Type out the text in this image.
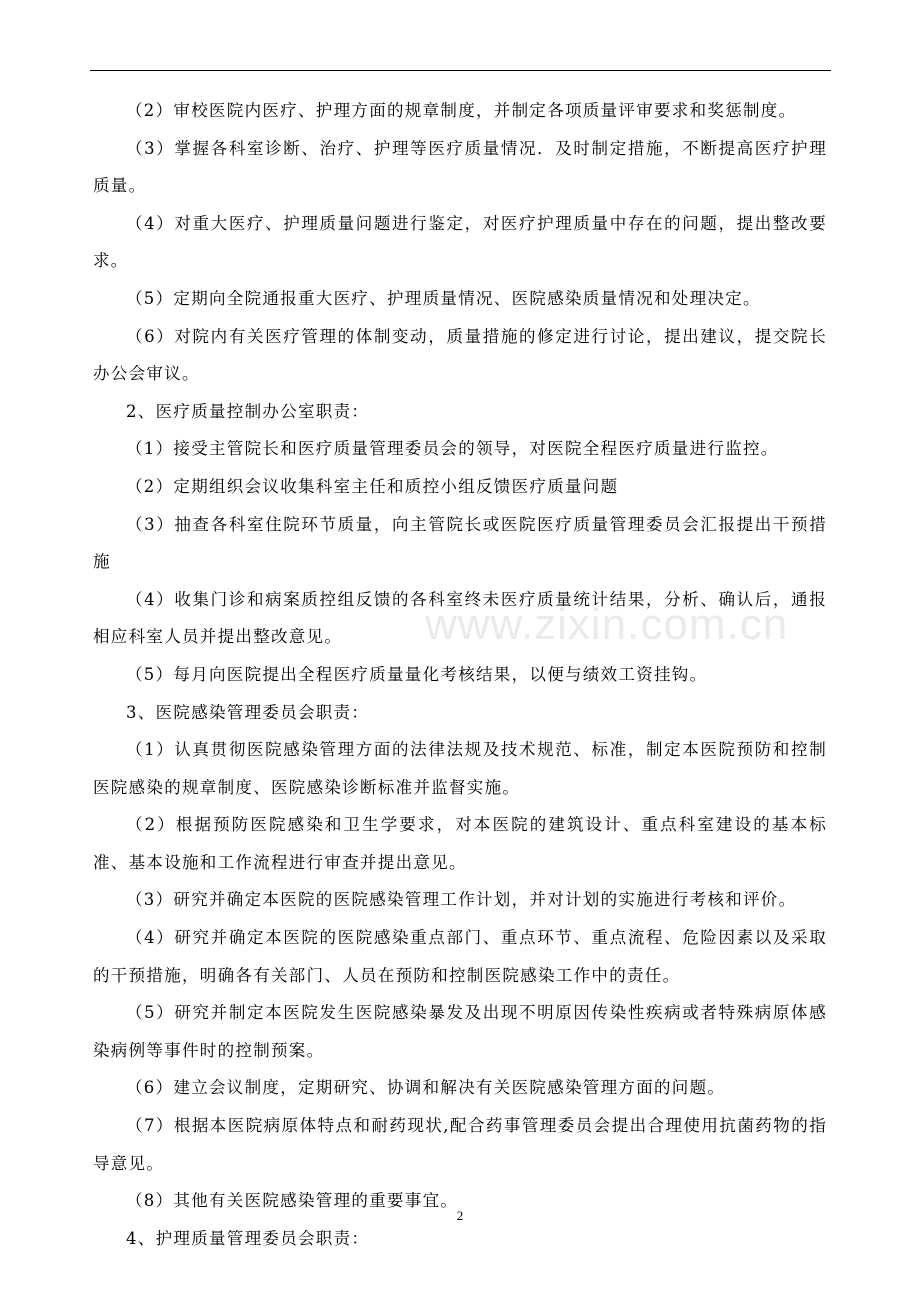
www.zixin.com.cn

（2）审校医院内医疗、护理方面的规章制度，并制定各项质量评审要求和奖惩制度。

（3）掌握各科室诊断、治疗、护理等医疗质量情况．及时制定措施，不断提高医疗护理质量。

（4）对重大医疗、护理质量问题进行鉴定，对医疗护理质量中存在的问题，提出整改要求。

（5）定期向全院通报重大医疗、护理质量情况、医院感染质量情况和处理决定。

（6）对院内有关医疗管理的体制变动，质量措施的修定进行讨论，提出建议，提交院长办公会审议。

2、医疗质量控制办公室职责：

（1）接受主管院长和医疗质量管理委员会的领导，对医院全程医疗质量进行监控。

（2）定期组织会议收集科室主任和质控小组反馈医疗质量问题

（3）抽查各科室住院环节质量，向主管院长或医院医疗质量管理委员会汇报提出干预措施

（4）收集门诊和病案质控组反馈的各科室终未医疗质量统计结果，分析、确认后，通报相应科室人员并提出整改意见。

（5）每月向医院提出全程医疗质量量化考核结果，以便与绩效工资挂钩。

3、医院感染管理委员会职责：

（1）认真贯彻医院感染管理方面的法律法规及技术规范、标准，制定本医院预防和控制医院感染的规章制度、医院感染诊断标准并监督实施。

（2）根据预防医院感染和卫生学要求，对本医院的建筑设计、重点科室建设的基本标准、基本设施和工作流程进行审查并提出意见。

（3）研究并确定本医院的医院感染管理工作计划，并对计划的实施进行考核和评价。

（4）研究并确定本医院的医院感染重点部门、重点环节、重点流程、危险因素以及采取的干预措施，明确各有关部门、人员在预防和控制医院感染工作中的责任。

（5）研究并制定本医院发生医院感染暴发及出现不明原因传染性疾病或者特殊病原体感染病例等事件时的控制预案。

（6）建立会议制度，定期研究、协调和解决有关医院感染管理方面的问题。

（7）根据本医院病原体特点和耐药现状,配合药事管理委员会提出合理使用抗菌药物的指导意见。

（8）其他有关医院感染管理的重要事宜。

4、护理质量管理委员会职责：

2
